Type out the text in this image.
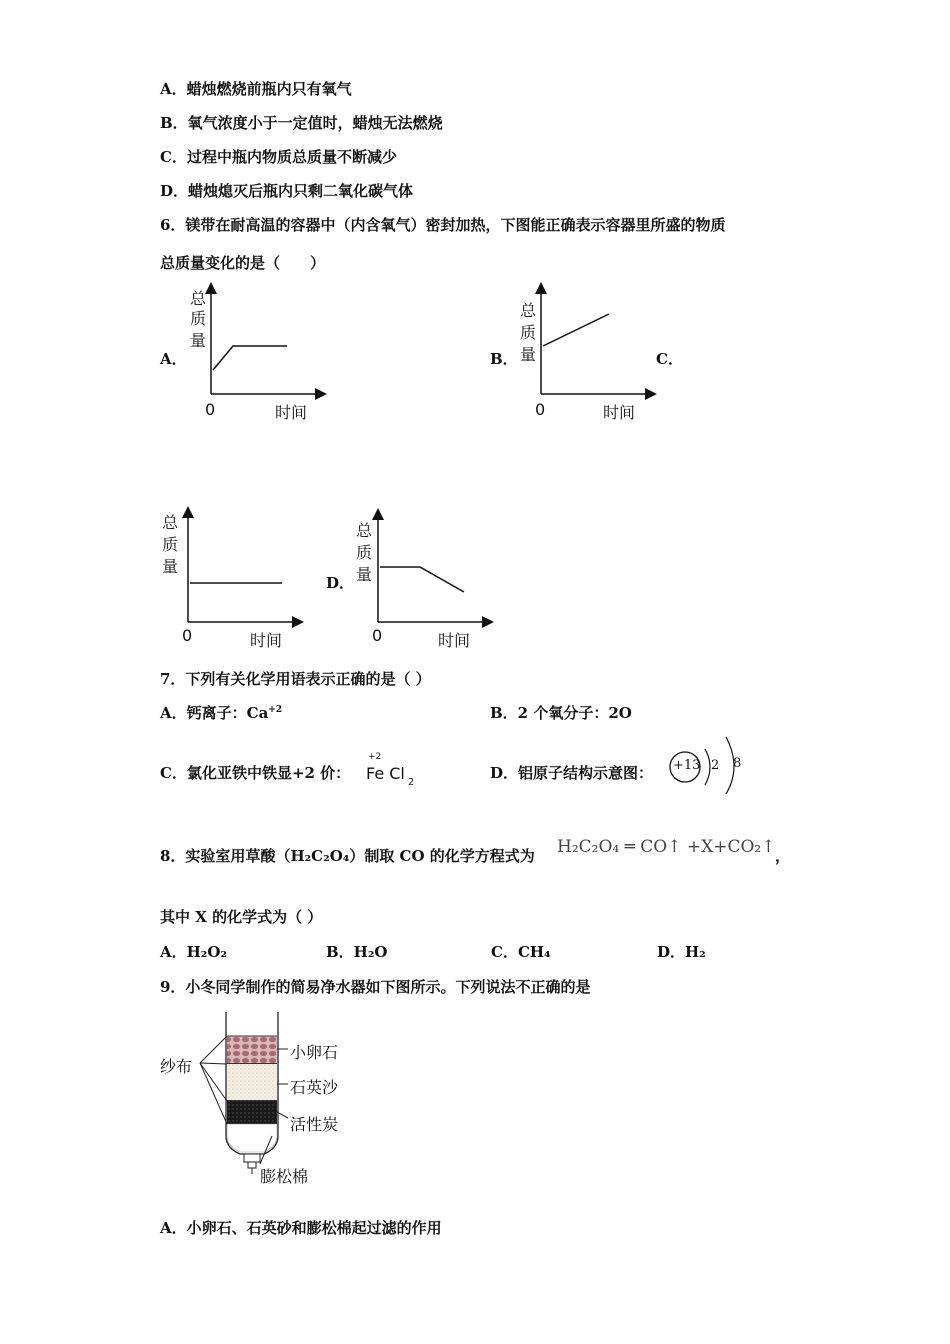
A．蜡烛燃烧前瓶内只有氧气
B．氧气浓度小于一定值时，蜡烛无法燃烧
C．过程中瓶内物质总质量不断减少
D．蜡烛熄灭后瓶内只剩二氧化碳气体
6．镁带在耐高温的容器中（内含氧气）密封加热，下图能正确表示容器里所盛的物质
总质量变化的是（　　）
A．	B．	C．
D．
总
质
量
0	时间
总
质
量
0	时间
总
质
量
0	时间
总
质
量
0	时间
7．下列有关化学用语表示正确的是（ ）
A．钙离子：$Ca^{+2}$	B．2 个氧分子：2O
C．氯化亚铁中铁显+2 价：
+2
Fe Cl $_2$
D．铝原子结构示意图： +13 2 8
8．实验室用草酸（H₂C₂O₄）制取 CO 的化学方程式为 H₂C₂O₄ ═ CO↑ +X+CO₂↑ ，
其中 X 的化学式为（ ）
A．H₂O₂	B．H₂O	C．CH₄	D．H₂
9．小冬同学制作的简易净水器如下图所示。下列说法不正确的是
纱布
小卵石
石英沙
活性炭
膨松棉
A．小卵石、石英砂和膨松棉起过滤的作用
